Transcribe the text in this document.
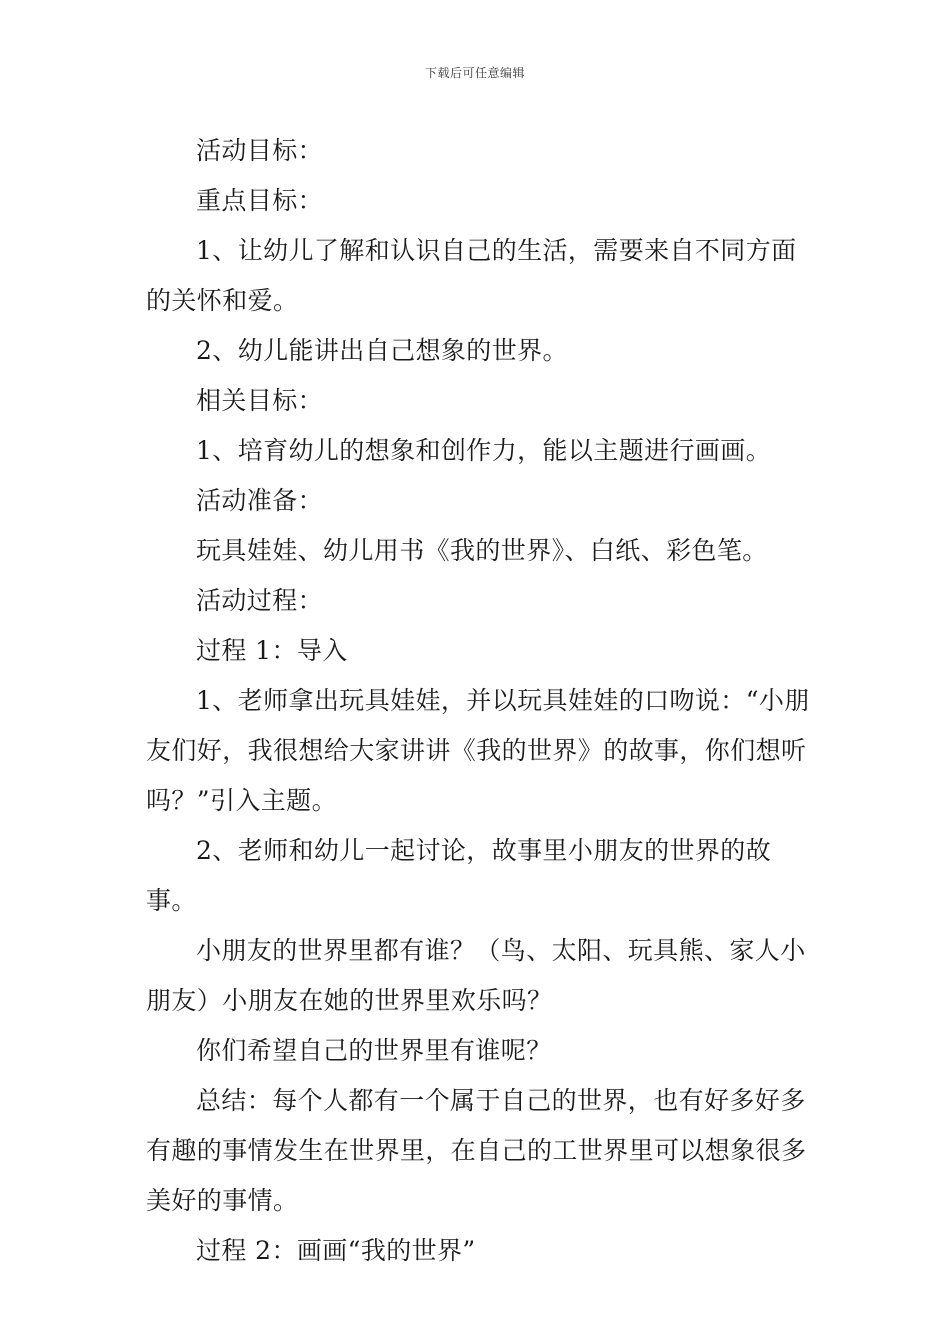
下载后可任意编辑

活动目标：

重点目标：

1、让幼儿了解和认识自己的生活，需要来自不同方面的关怀和爱。

2、幼儿能讲出自己想象的世界。

相关目标：

1、培育幼儿的想象和创作力，能以主题进行画画。

活动准备：

玩具娃娃、幼儿用书《我的世界》、白纸、彩色笔。

活动过程：

过程 1：导入

1、老师拿出玩具娃娃，并以玩具娃娃的口吻说：“小朋友们好，我很想给大家讲讲《我的世界》的故事，你们想听吗？”引入主题。

2、老师和幼儿一起讨论，故事里小朋友的世界的故事。

小朋友的世界里都有谁？（鸟、太阳、玩具熊、家人小朋友）小朋友在她的世界里欢乐吗？

你们希望自己的世界里有谁呢？

总结：每个人都有一个属于自己的世界，也有好多好多有趣的事情发生在世界里，在自己的工世界里可以想象很多美好的事情。

过程 2：画画“我的世界”
